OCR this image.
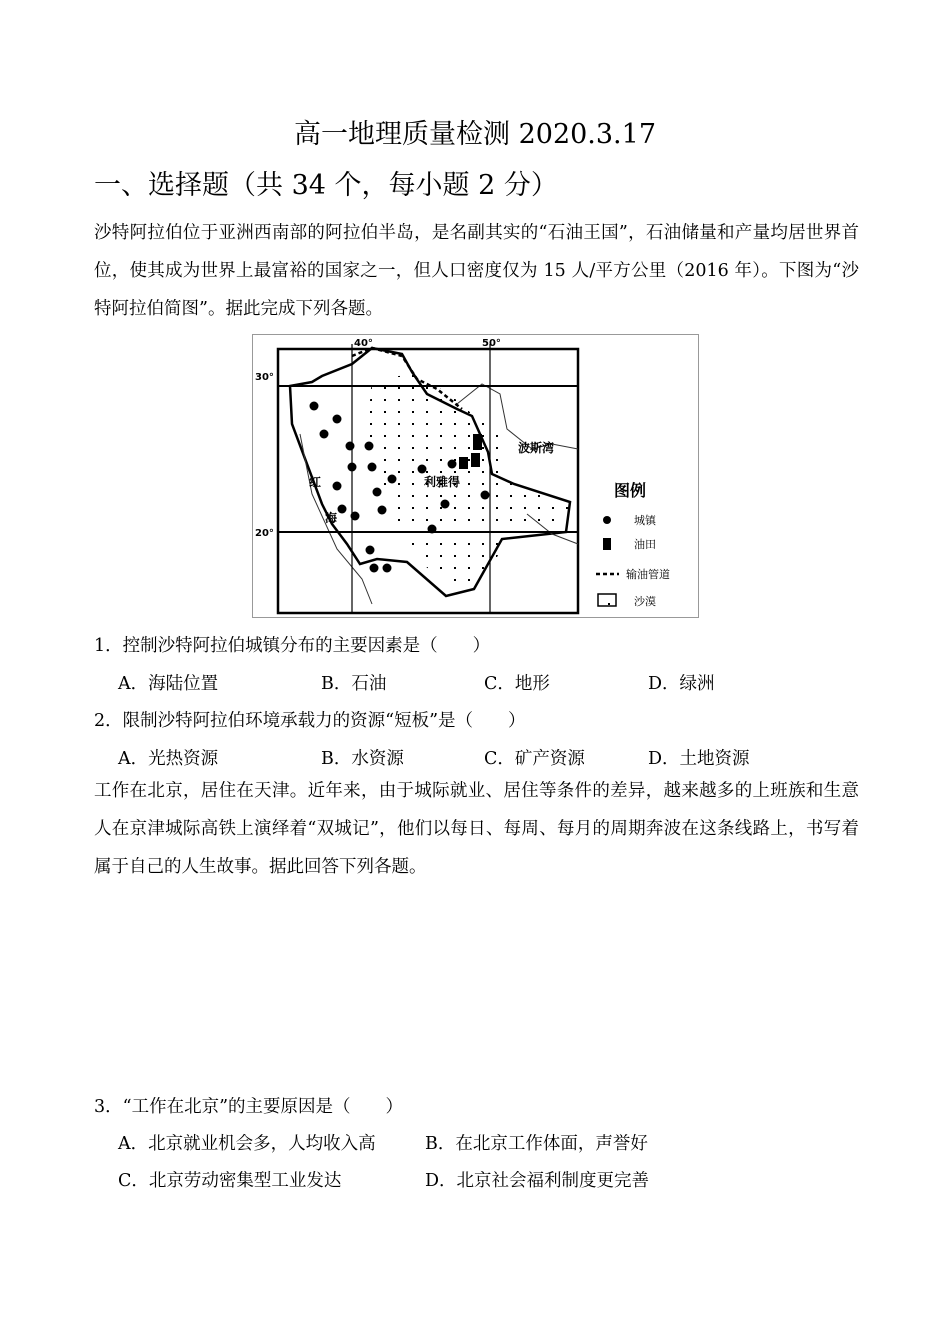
高一地理质量检测 2020.3.17
一、选择题（共 34 个，每小题 2 分）
沙特阿拉伯位于亚洲西南部的阿拉伯半岛，是名副其实的“石油王国”，石油储量和产量均居世界首位，使其成为世界上最富裕的国家之一，但人口密度仅为 15 人/平方公里（2016 年）。下图为“沙特阿拉伯简图”。据此完成下列各题。
40°	50°
30°
20°
红
海
利雅得
波斯湾
图例
城镇
油田
输油管道
沙漠
1．控制沙特阿拉伯城镇分布的主要因素是（　　）
A．海陆位置	B．石油	C．地形	D．绿洲
2．限制沙特阿拉伯环境承载力的资源“短板”是（　　）
A．光热资源	B．水资源	C．矿产资源	D．土地资源
工作在北京，居住在天津。近年来，由于城际就业、居住等条件的差异，越来越多的上班族和生意人在京津城际高铁上演绎着“双城记”，他们以每日、每周、每月的周期奔波在这条线路上，书写着属于自己的人生故事。据此回答下列各题。
3．“工作在北京”的主要原因是（　　）
A．北京就业机会多，人均收入高	B．在北京工作体面，声誉好
C．北京劳动密集型工业发达	D．北京社会福利制度更完善
